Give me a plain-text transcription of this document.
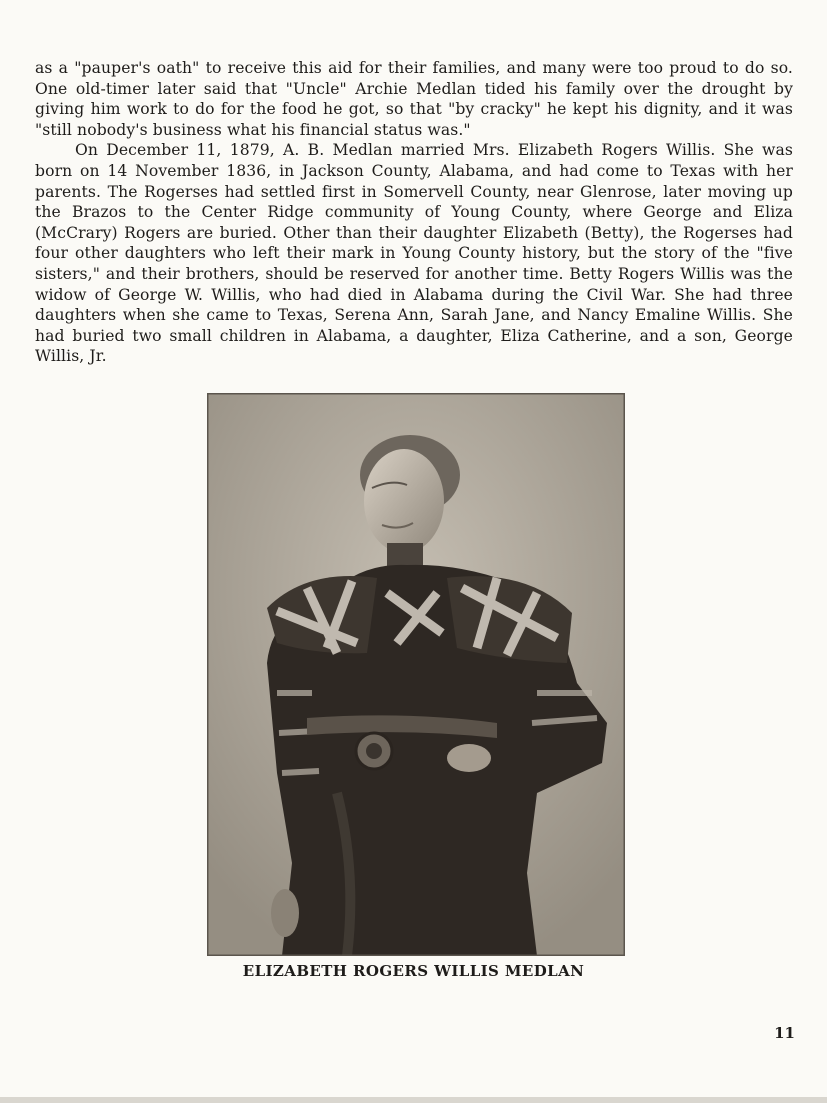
as a "pauper's oath" to receive this aid for their families, and many were too proud to do so. One old-timer later said that "Uncle" Archie Medlan tided his family over the drought by giving him work to do for the food he got, so that "by cracky" he kept his dignity, and it was "still nobody's business what his financial status was."

On December 11, 1879, A. B. Medlan married Mrs. Elizabeth Rogers Willis. She was born on 14 November 1836, in Jackson County, Alabama, and had come to Texas with her parents. The Rogerses had settled first in Somervell County, near Glenrose, later moving up the Brazos to the Center Ridge community of Young County, where George and Eliza (McCrary) Rogers are buried. Other than their daughter Elizabeth (Betty), the Rogerses had four other daughters who left their mark in Young County history, but the story of the "five sisters," and their brothers, should be reserved for another time. Betty Rogers Willis was the widow of George W. Willis, who had died in Alabama during the Civil War. She had three daughters when she came to Texas, Serena Ann, Sarah Jane, and Nancy Emaline Willis. She had buried two small children in Alabama, a daughter, Eliza Catherine, and a son, George Willis, Jr.

ELIZABETH ROGERS WILLIS MEDLAN
11
